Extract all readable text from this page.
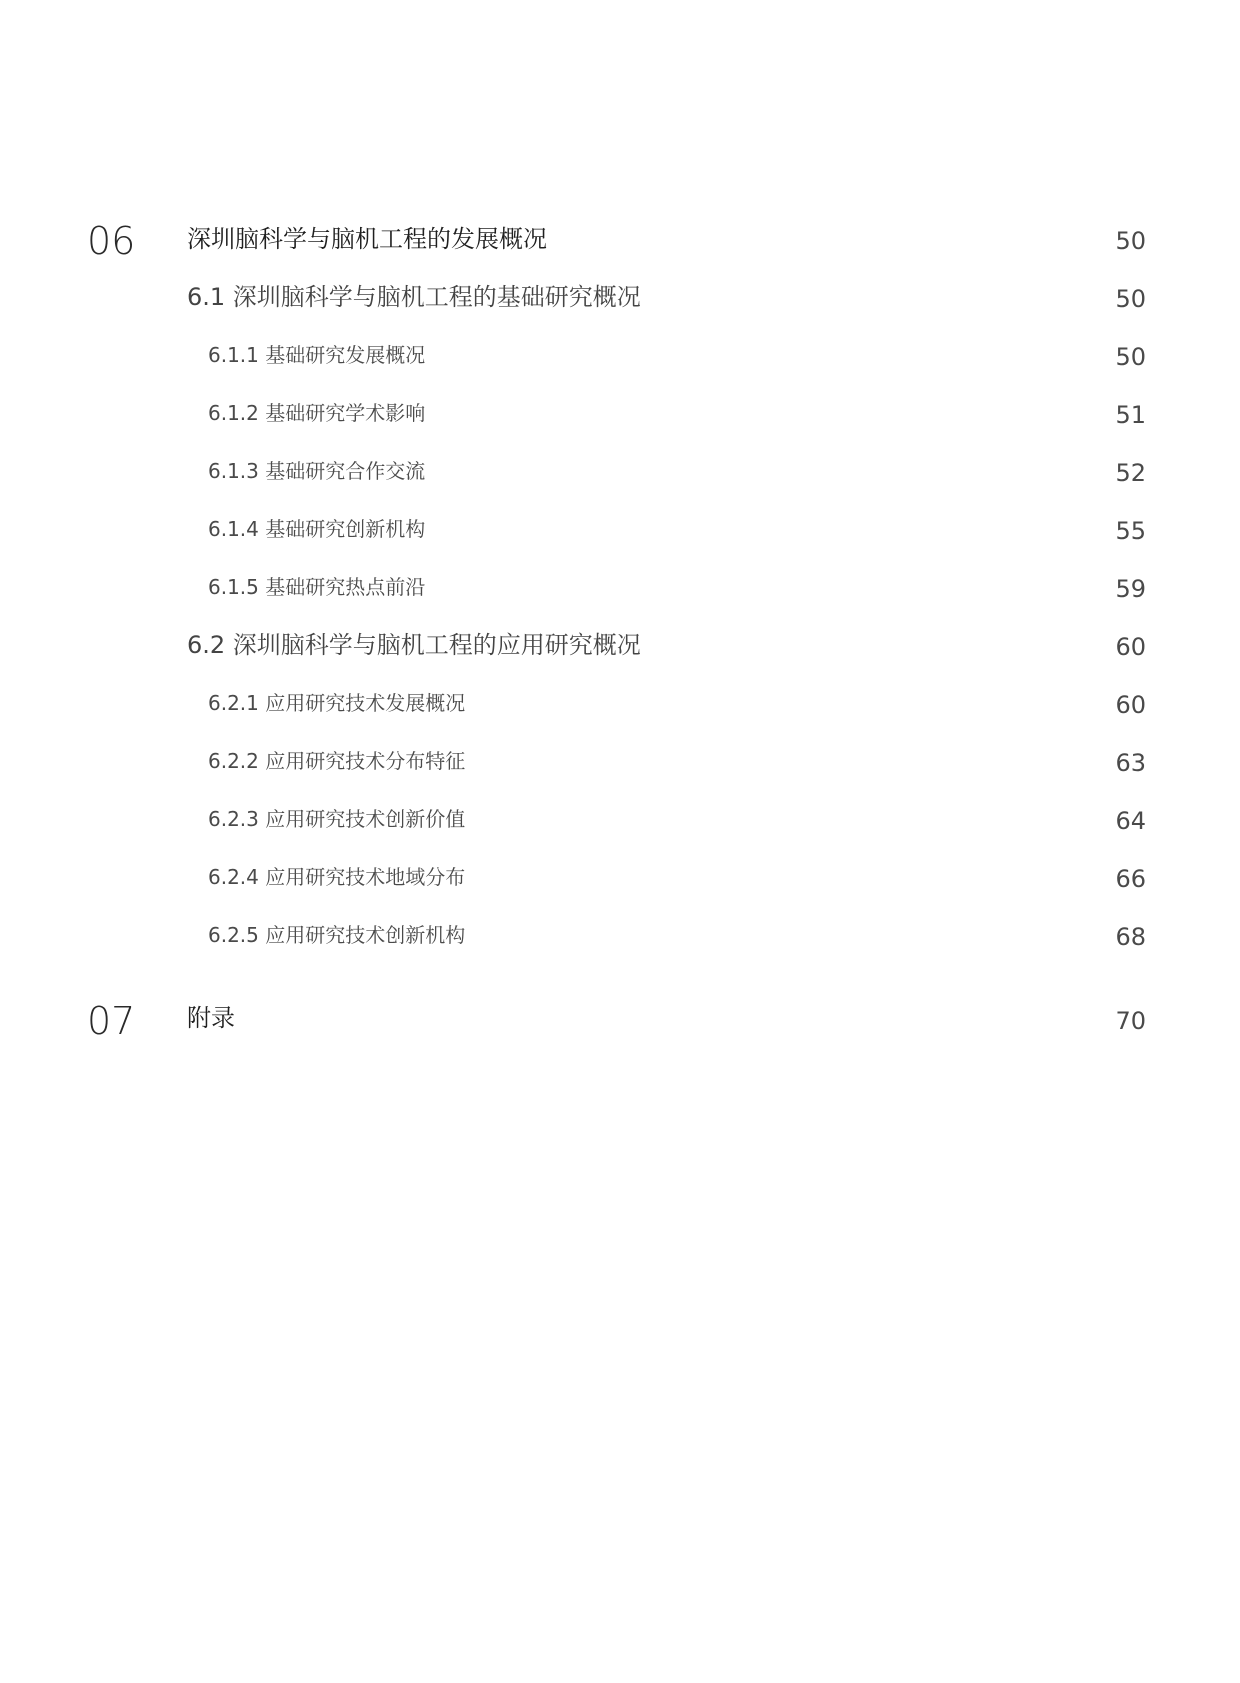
06 深圳脑科学与脑机工程的发展概况	50
6.1 深圳脑科学与脑机工程的基础研究概况	50
6.1.1 基础研究发展概况	50
6.1.2 基础研究学术影响	51
6.1.3 基础研究合作交流	52
6.1.4 基础研究创新机构	55
6.1.5 基础研究热点前沿	59
6.2 深圳脑科学与脑机工程的应用研究概况	60
6.2.1 应用研究技术发展概况	60
6.2.2 应用研究技术分布特征	63
6.2.3 应用研究技术创新价值	64
6.2.4 应用研究技术地域分布	66
6.2.5 应用研究技术创新机构	68
07 附录	70
